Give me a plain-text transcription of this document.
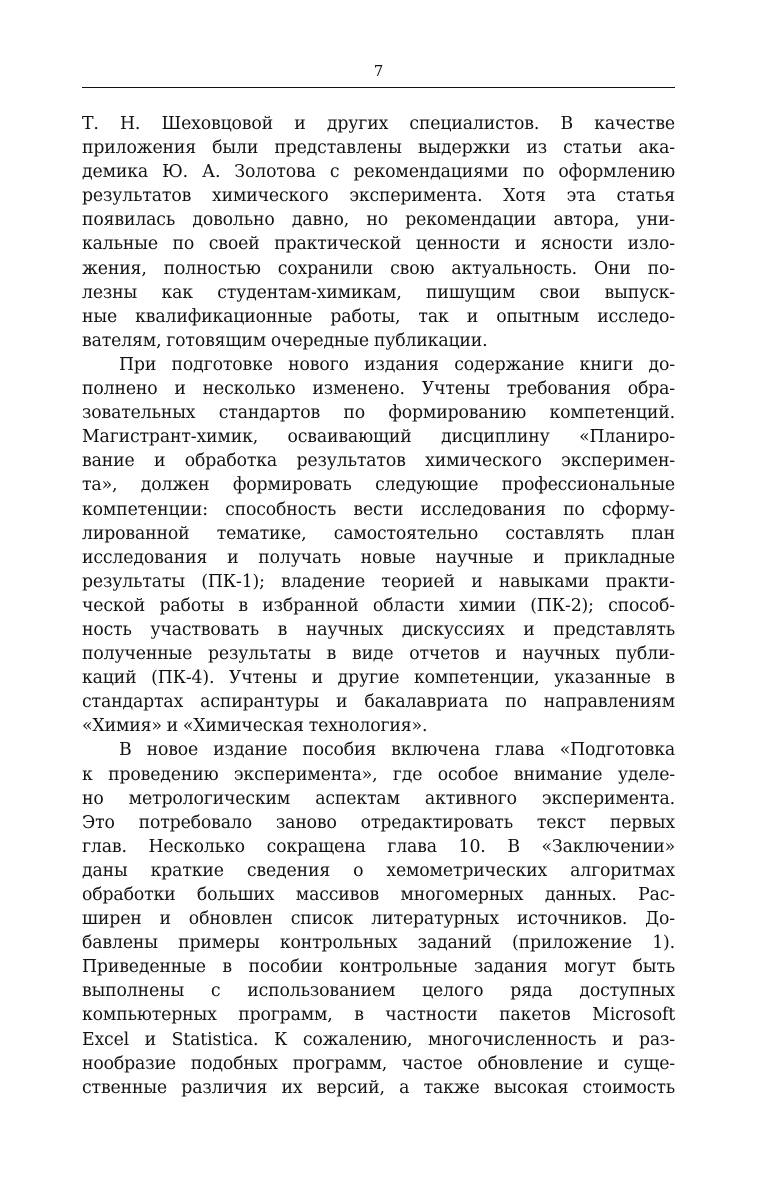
7
Т. Н. Шеховцовой и других специалистов. В качестве
приложения были представлены выдержки из статьи ака-
демика Ю. А. Золотова с рекомендациями по оформлению
результатов химического эксперимента. Хотя эта статья
появилась довольно давно, но рекомендации автора, уни-
кальные по своей практической ценности и ясности изло-
жения, полностью сохранили свою актуальность. Они по-
лезны как студентам-химикам, пишущим свои выпуск-
ные квалификационные работы, так и опытным исследо-
вателям, готовящим очередные публикации.
При подготовке нового издания содержание книги до-
полнено и несколько изменено. Учтены требования обра-
зовательных стандартов по формированию компетенций.
Магистрант-химик, осваивающий дисциплину «Планиро-
вание и обработка результатов химического эксперимен-
та», должен формировать следующие профессиональные
компетенции: способность вести исследования по сформу-
лированной тематике, самостоятельно составлять план
исследования и получать новые научные и прикладные
результаты (ПК-1); владение теорией и навыками практи-
ческой работы в избранной области химии (ПК-2); способ-
ность участвовать в научных дискуссиях и представлять
полученные результаты в виде отчетов и научных публи-
каций (ПК-4). Учтены и другие компетенции, указанные в
стандартах аспирантуры и бакалавриата по направлениям
«Химия» и «Химическая технология».
В новое издание пособия включена глава «Подготовка
к проведению эксперимента», где особое внимание уделе-
но метрологическим аспектам активного эксперимента.
Это потребовало заново отредактировать текст первых
глав. Несколько сокращена глава 10. В «Заключении»
даны краткие сведения о хемометрических алгоритмах
обработки больших массивов многомерных данных. Рас-
ширен и обновлен список литературных источников. До-
бавлены примеры контрольных заданий (приложение 1).
Приведенные в пособии контрольные задания могут быть
выполнены с использованием целого ряда доступных
компьютерных программ, в частности пакетов Microsoft
Excel и Statistica. К сожалению, многочисленность и раз-
нообразие подобных программ, частое обновление и суще-
ственные различия их версий, а также высокая стоимость
